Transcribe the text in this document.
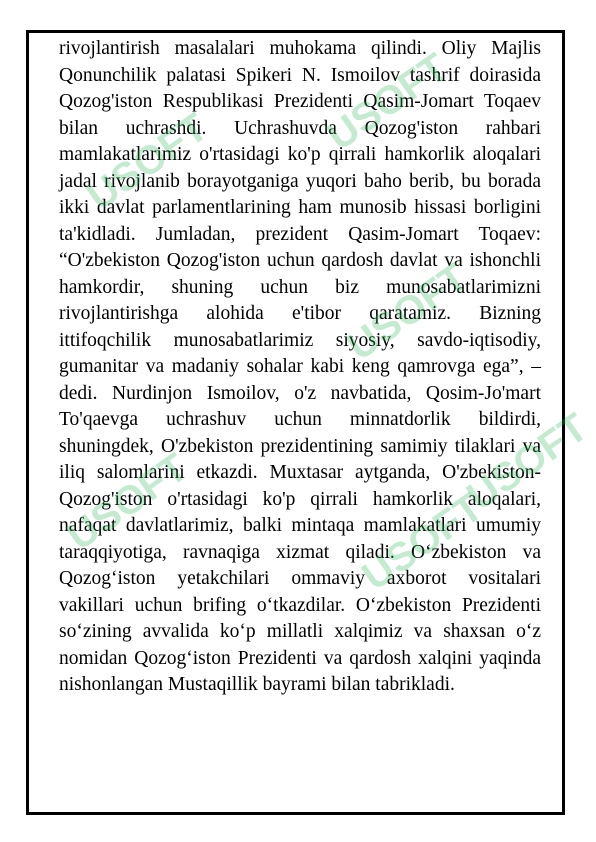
rivojlantirish masalalari muhokama qilindi. Oliy Majlis Qonunchilik palatasi Spikeri N. Ismoilov tashrif doirasida Qozog'iston Respublikasi Prezidenti Qasim-Jomart Toqaev bilan uchrashdi. Uchrashuvda Qozog'iston rahbari mamlakatlarimiz o'rtasidagi ko'p qirrali hamkorlik aloqalari jadal rivojlanib borayotganiga yuqori baho berib, bu borada ikki davlat parlamentlarining ham munosib hissasi borligini ta'kidladi. Jumladan, prezident Qasim-Jomart Toqaev: “O'zbekiston Qozog'iston uchun qardosh davlat va ishonchli hamkordir, shuning uchun biz munosabatlarimizni rivojlantirishga alohida e'tibor qaratamiz. Bizning ittifoqchilik munosabatlarimiz siyosiy, savdo-iqtisodiy, gumanitar va madaniy sohalar kabi keng qamrovga ega”, – dedi. Nurdinjon Ismoilov, o'z navbatida, Qosim-Jo'mart To'qaevga uchrashuv uchun minnatdorlik bildirdi, shuningdek, O'zbekiston prezidentining samimiy tilaklari va iliq salomlarini etkazdi. Muxtasar aytganda, O'zbekiston-Qozog'iston o'rtasidagi ko'p qirrali hamkorlik aloqalari, nafaqat davlatlarimiz, balki mintaqa mamlakatlari umumiy taraqqiyotiga, ravnaqiga xizmat qiladi. O‘zbekiston va Qozog‘iston yetakchilari ommaviy axborot vositalari vakillari uchun brifing o‘tkazdilar. O‘zbekiston Prezidenti so‘zining avvalida ko‘p millatli xalqimiz va shaxsan o‘z nomidan Qozog‘iston Prezidenti va qardosh xalqini yaqinda nishonlangan Mustaqillik bayrami bilan tabrikladi.

USOFT
USOFT
USOFT
USOFT
USOFT
USOFT
